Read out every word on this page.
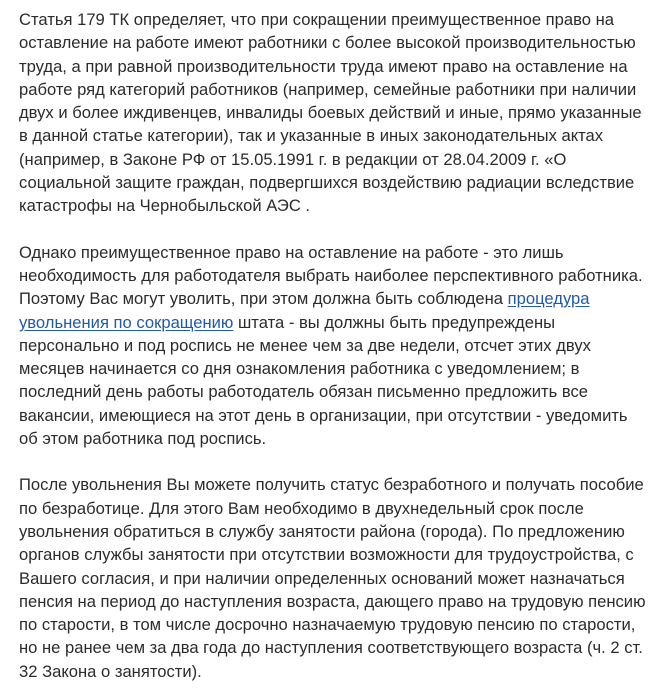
Статья 179 ТК определяет, что при сокращении преимущественное право на оставление на работе имеют работники с более высокой производительностью труда, а при равной производительности труда имеют право на оставление на работе ряд категорий работников (например, семейные работники при наличии двух и более иждивенцев, инвалиды боевых действий и иные, прямо указанные в данной статье категории), так и указанные в иных законодательных актах (например, в Законе РФ от 15.05.1991 г. в редакции от 28.04.2009 г. «О социальной защите граждан, подвергшихся воздействию радиации вследствие катастрофы на Чернобыльской АЭС .

Однако преимущественное право на оставление на работе - это лишь необходимость для работодателя выбрать наиболее перспективного работника. Поэтому Вас могут уволить, при этом должна быть соблюдена процедура увольнения по сокращению штата - вы должны быть предупреждены персонально и под роспись не менее чем за две недели, отсчет этих двух месяцев начинается со дня ознакомления работника с уведомлением; в последний день работы работодатель обязан письменно предложить все вакансии, имеющиеся на этот день в организации, при отсутствии - уведомить об этом работника под роспись.

После увольнения Вы можете получить статус безработного и получать пособие по безработице. Для этого Вам необходимо в двухнедельный срок после увольнения обратиться в службу занятости района (города). По предложению органов службы занятости при отсутствии возможности для трудоустройства, с Вашего согласия, и при наличии определенных оснований может назначаться пенсия на период до наступления возраста, дающего право на трудовую пенсию по старости, в том числе досрочно назначаемую трудовую пенсию по старости, но не ранее чем за два года до наступления соответствующего возраста (ч. 2 ст. 32 Закона о занятости).
